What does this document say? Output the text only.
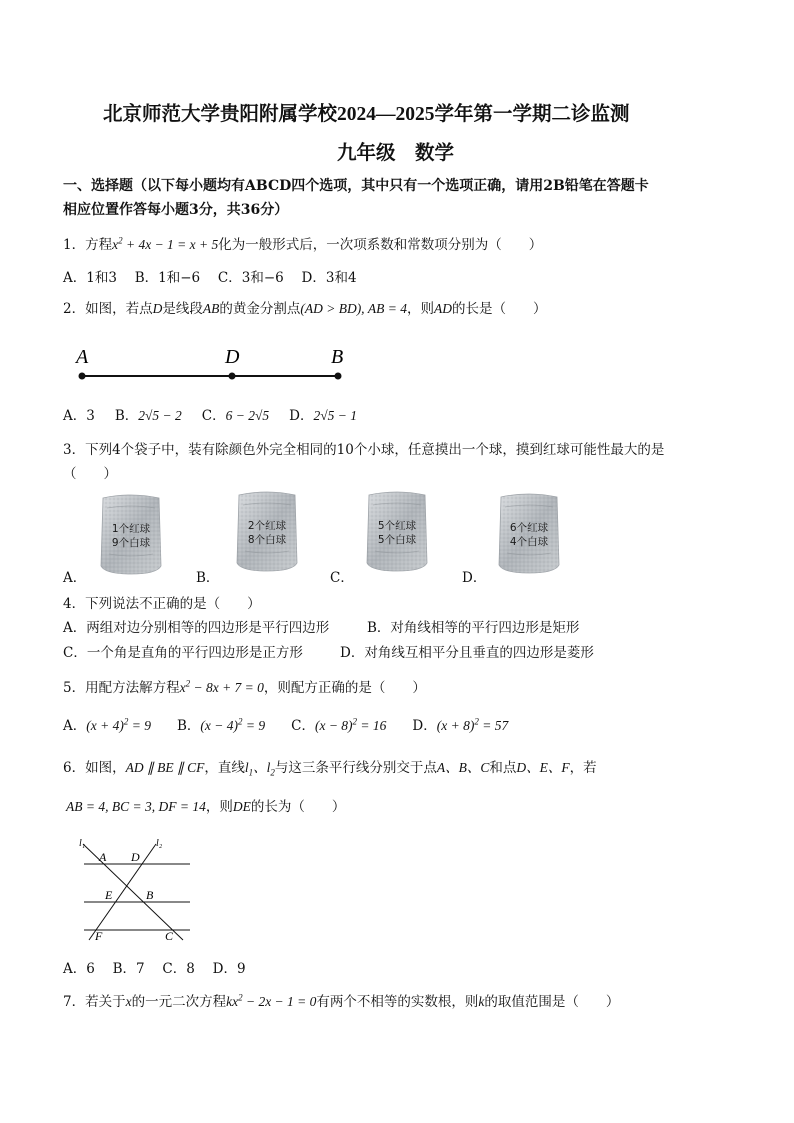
北京师范大学贵阳附属学校2024—2025学年第一学期二诊监测
九年级　数学
一、选择题（以下每小题均有ABCD四个选项，其中只有一个选项正确，请用2B铅笔在答题卡
相应位置作答每小题3分，共36分）
1．方程$x^2 + 4x - 1 = x + 5$化为一般形式后，一次项系数和常数项分别为（　　）
A．1和3　 B．1和−6　 C．3和−6　 D．3和4
2．如图，若点D是线段AB的黄金分割点(AD > BD), AB = 4，则AD的长是（　　）
A	D	B
A．3 B．2√5 − 2 C．6 − 2√5 D．2√5 − 1
3．下列4个袋子中，装有除颜色外完全相同的10个小球，任意摸出一个球，摸到红球可能性最大的是
（　　）
1个红球
9个白球
A．
2个红球
8个白球
B．
5个红球
5个白球
C．
6个红球
4个白球
D．
4．下列说法不正确的是（　　）
A．两组对边分别相等的四边形是平行四边形	B．对角线相等的平行四边形是矩形
C．一个角是直角的平行四边形是正方形	D．对角线互相平分且垂直的四边形是菱形
5．用配方法解方程$x^2 - 8x + 7 = 0$，则配方正确的是（　　）
A．$(x + 4)^2 = 9$ B．$(x - 4)^2 = 9$ C．$(x - 8)^2 = 16$ D．$(x + 8)^2 = 57$
6．如图，AD ∥ BE ∥ CF，直线$l_1$、$l_2$与这三条平行线分别交于点A、B、C和点D、E、F，若
AB = 4, BC = 3, DF = 14，则DE的长为（　　）
l₁	l₂
A D
E	B
F	C
A．6　 B．7　 C．8　 D．9
7．若关于x的一元二次方程$kx^2 - 2x - 1 = 0$有两个不相等的实数根，则k的取值范围是（　　）
